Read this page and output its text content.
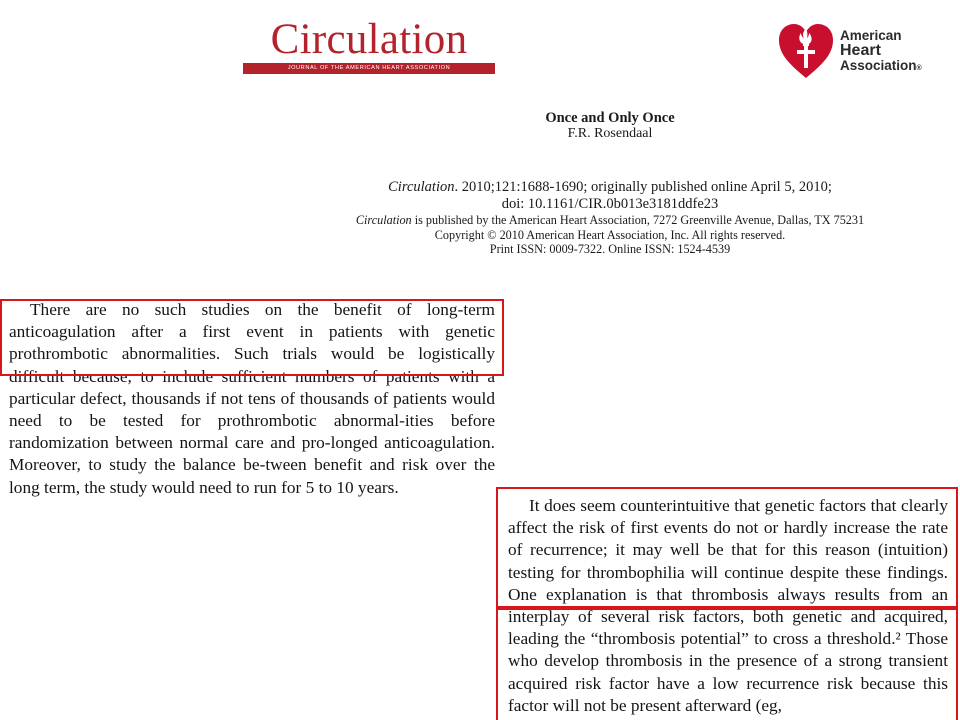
Circulation
JOURNAL OF THE AMERICAN HEART ASSOCIATION
American
Heart
Association®
Once and Only Once
F.R. Rosendaal
Circulation. 2010;121:1688-1690; originally published online April 5, 2010;
doi: 10.1161/CIR.0b013e3181ddfe23
Circulation is published by the American Heart Association, 7272 Greenville Avenue, Dallas, TX 75231
Copyright © 2010 American Heart Association, Inc. All rights reserved.
Print ISSN: 0009-7322. Online ISSN: 1524-4539

There are no such studies on the benefit of long-term anticoagulation after a first event in patients with genetic prothrombotic abnormalities. Such trials would be logistically difficult because, to include sufficient numbers of patients with a particular defect, thousands if not tens of thousands of patients would need to be tested for prothrombotic abnormal-ities before randomization between normal care and pro-longed anticoagulation. Moreover, to study the balance be-tween benefit and risk over the long term, the study would need to run for 5 to 10 years.

It does seem counterintuitive that genetic factors that clearly affect the risk of first events do not or hardly increase the rate of recurrence; it may well be that for this reason (intuition) testing for thrombophilia will continue despite these findings. One explanation is that thrombosis always results from an interplay of several risk factors, both genetic and acquired, leading the “thrombosis potential” to cross a threshold.² Those who develop thrombosis in the presence of a strong transient acquired risk factor have a low recurrence risk because this factor will not be present afterward (eg,
